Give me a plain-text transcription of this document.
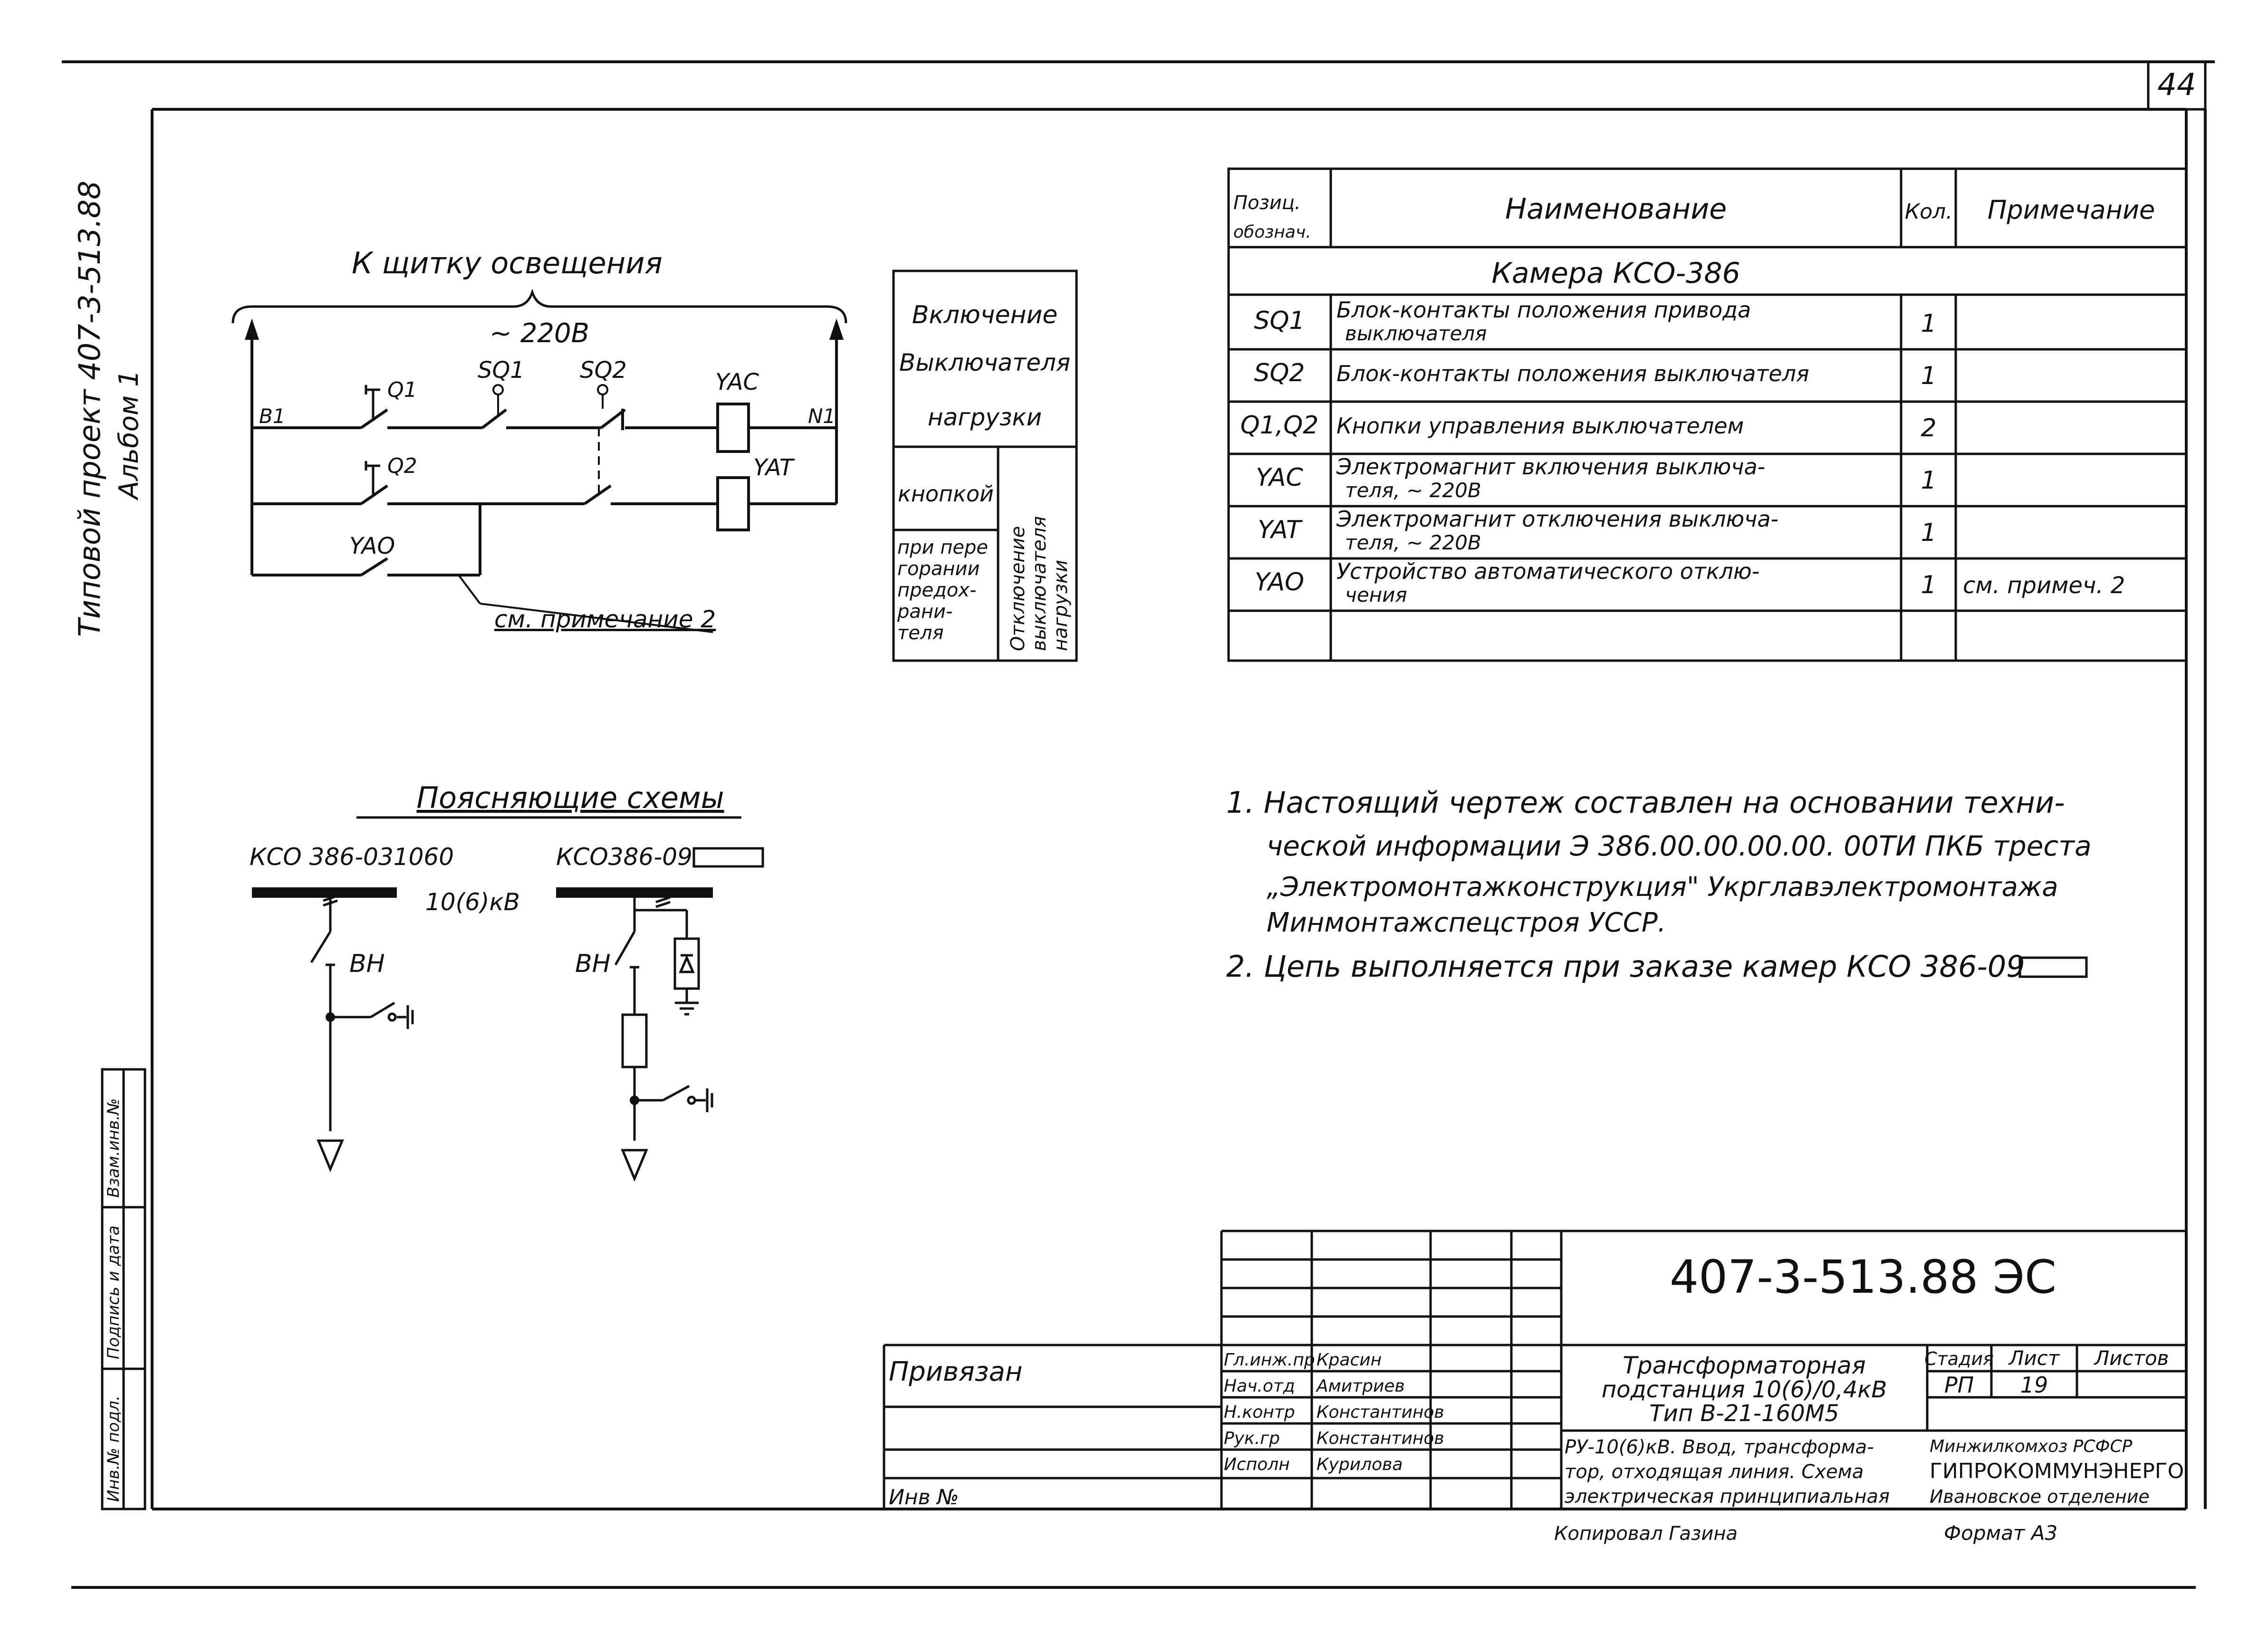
44
Типовой проект 407-3-513.88 Альбом 1
Инв.№ подл.
Подпись и дата
Взам.инв.№
К щитку освещения
~ 220В
В1	N1
Q1
Q2
SQ1 SQ2	YAC
YAT
YAO
см. примечание 2
Включение
Выключателя
нагрузки
кнопкой
при пере
горании
предох-
рани-
теля	Отключение выключателя нагрузки
Позиц.
обознач.
Наименование	Кол. Примечание
Камера КСО-386
SQ1 Блок-контакты положения привода
выключателя	1
SQ2 Блок-контакты положения выключателя	1
Q1,Q2 Кнопки управления выключателем	2
YAC Электромагнит включения выключа-
теля, ~ 220В	1
YAT Электромагнит отключения выключа-
теля, ~ 220В	1
YAO Устройство автоматического отклю-
чения	1 см. примеч. 2
Поясняющие схемы
КСО 386-031060	КСО386-09
10(6)кВ
ВН	ВН
1. Настоящий чертеж составлен на основании техни-
ческой информации Э 386.00.00.00.00. 00ТИ ПКБ треста
„Электромонтажконструкция" Укрглавэлектромонтажа
Минмонтажспецстроя УССР.
2. Цепь выполняется при заказе камер КСО 386-09
407-3-513.88 ЭС
Привязан
Инв №
Гл.инж.пр Красин
Нач.отд Амитриев
Н.контр Константинов
Рук.гр Константинов
Исполн Курилова
Трансформаторная
подстанция 10(6)/0,4кВ
Тип В-21-160М5
РУ-10(6)кВ. Ввод, трансформа-
тор, отходящая линия. Схема
электрическая принципиальная
Стадия Лист Листов
РП 19
Минжилкомхоз РСФСР
ГИПРОКОММУНЭНЕРГО
Ивановское отделение
Копировал Газина	Формат А3
